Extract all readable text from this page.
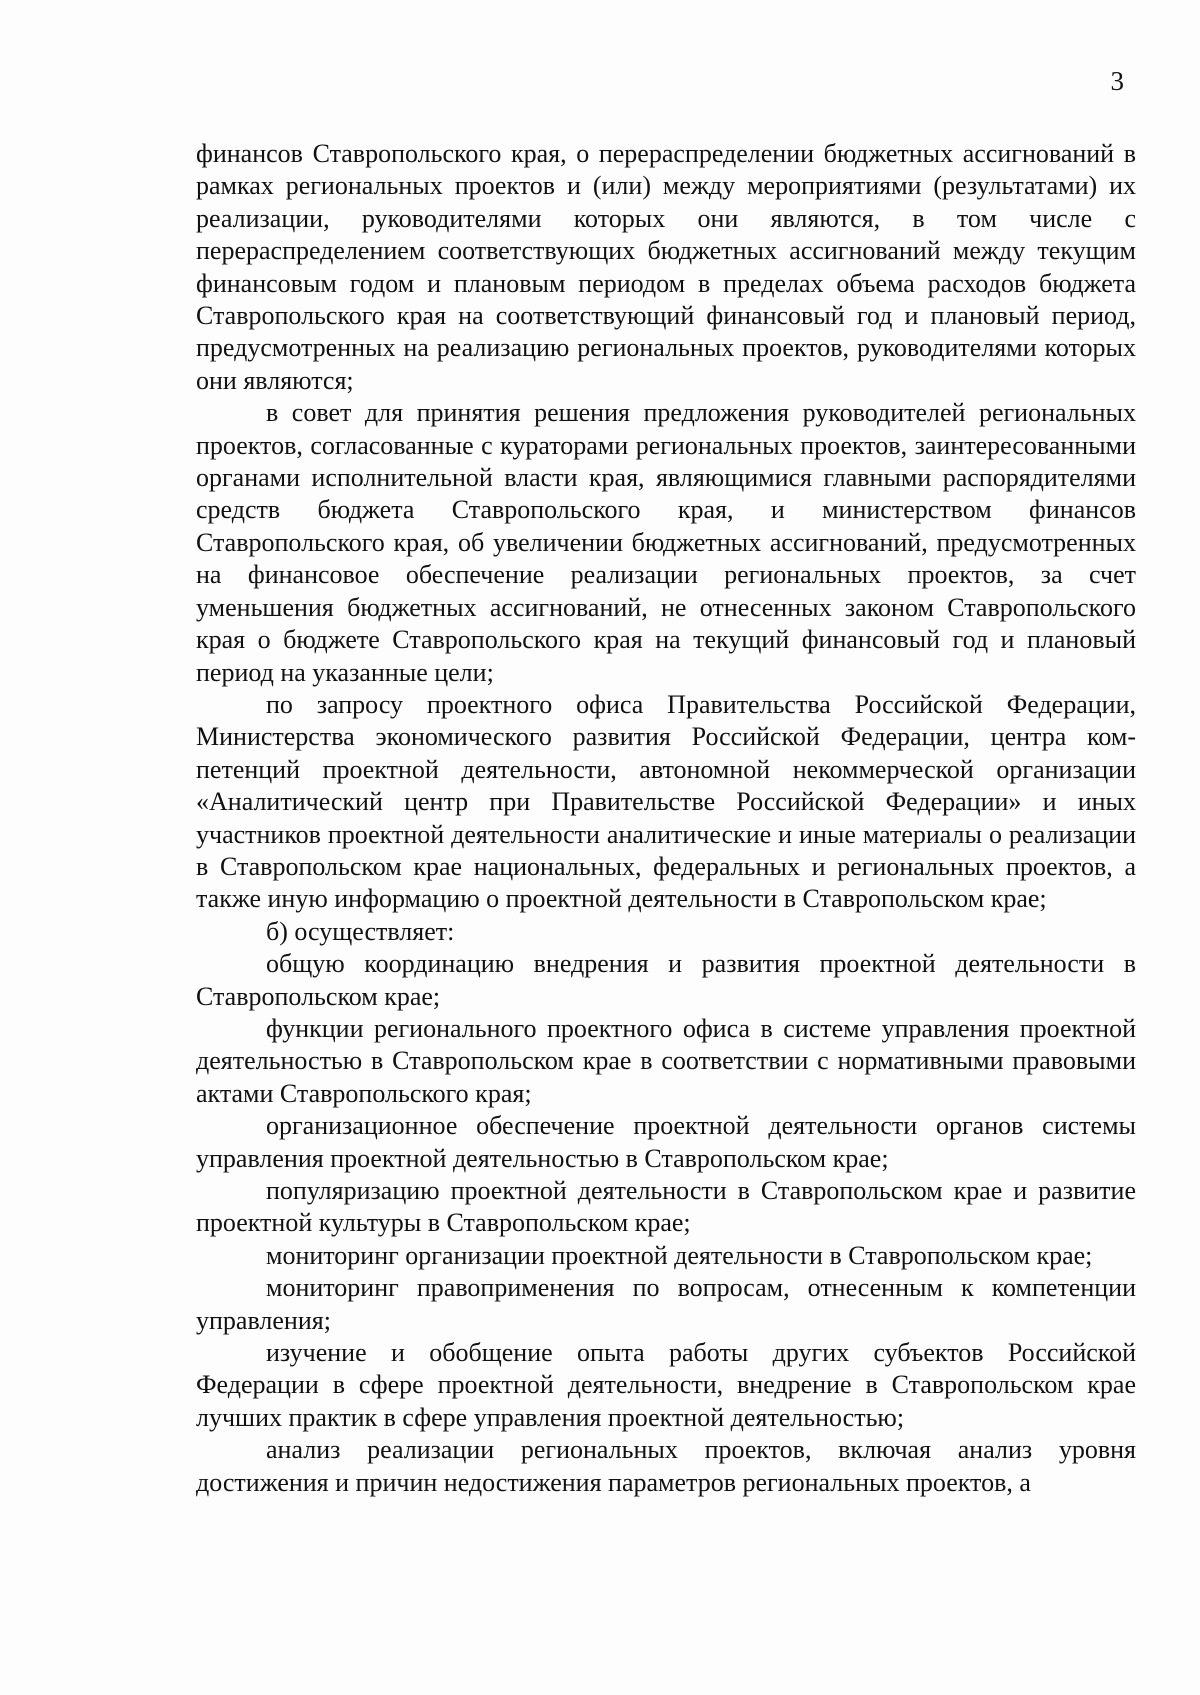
3

финансов Ставропольского края, о перераспределении бюджетных ассигнований в рамках региональных проектов и (или) между мероприятиями (результатами) их реализации, руководителями которых они являются, в том числе с перераспределением соответствующих бюджетных ассигнований между текущим финансовым годом и плановым периодом в пределах объема расходов бюджета Ставропольского края на соответствующий финансовый год и плановый период, предусмотренных на реализацию региональных проектов, руководителями которых они являются;

в совет для принятия решения предложения руководителей региональных проектов, согласованные с кураторами региональных проектов, заинтересованными органами исполнительной власти края, являющимися главными распорядителями средств бюджета Ставропольского края, и министерством финансов Ставропольского края, об увеличении бюджетных ассигнований, предусмотренных на финансовое обеспечение реализации региональных проектов, за счет уменьшения бюджетных ассигнований, не отнесенных законом Ставропольского края о бюджете Ставропольского края на текущий финансовый год и плановый период на указанные цели;

по запросу проектного офиса Правительства Российской Федерации, Министерства экономического развития Российской Федерации, центра компетенций проектной деятельности, автономной некоммерческой организации «Аналитический центр при Правительстве Российской Федерации» и иных участников проектной деятельности аналитические и иные материалы о реализации в Ставропольском крае национальных, федеральных и региональных проектов, а также иную информацию о проектной деятельности в Ставропольском крае;

б) осуществляет:

общую координацию внедрения и развития проектной деятельности в Ставропольском крае;

функции регионального проектного офиса в системе управления проектной деятельностью в Ставропольском крае в соответствии с нормативными правовыми актами Ставропольского края;

организационное обеспечение проектной деятельности органов системы управления проектной деятельностью в Ставропольском крае;

популяризацию проектной деятельности в Ставропольском крае и развитие проектной культуры в Ставропольском крае;

мониторинг организации проектной деятельности в Ставропольском крае;

мониторинг правоприменения по вопросам, отнесенным к компетенции управления;

изучение и обобщение опыта работы других субъектов Российской Федерации в сфере проектной деятельности, внедрение в Ставропольском крае лучших практик в сфере управления проектной деятельностью;

анализ реализации региональных проектов, включая анализ уровня достижения и причин недостижения параметров региональных проектов, а
